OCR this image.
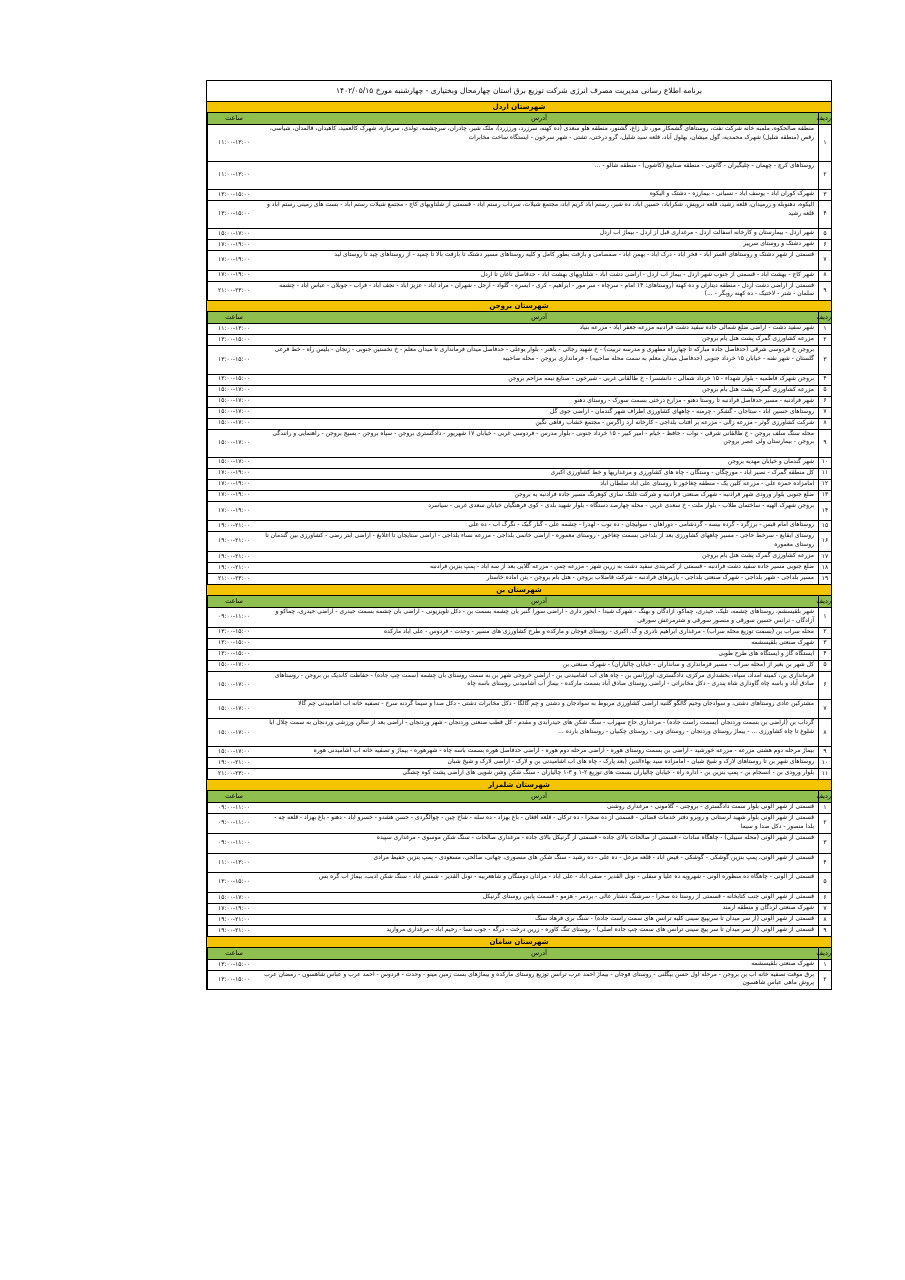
برنامه اطلاع رسانی مدیریت مصرف انرژی شرکت توزیع برق استان چهارمحال وبختیاری - چهارشنبه مورخ ۱۴۰۲/۰۵/۱۵
شهرستان اردل
ردیف
آدرس
ساعت
۱
منطقه صالحکوه، ملمبه خانه شرکت نفت، روستاهای گشمکار مور، تل زاغ، گشنور، منطقه هلو سعدی (ده کهنه، سرزرد، ورززرد)، ملک شیر، چادران، سرچشمه، تولدی، سرمازه، شهرک کالعمید، کاهیدان، قالمدان، شیاسی، رقص (منطقه شلیل) شهرک محمدیه، گول میشان، بهلول آباد، قلعه سید شلیل، گرو درختی، تشتی - شهر سرخون - ایستگاه ساخت مخابرات
۱۱:۰۰-۱۳:۰۰
۲
روستاهای کرچ - چهمان - چلیگیران - گائونی - منطقه صناییع (کاشون) - منطقه شالو - ...
۱۱:۰۰-۱۳:۰۰
۳
شهرک کوران آباد - یوسف آباد - نسیانی - بیمارزه - دشتک و آلیکوه
۱۳:۰۰-۱۵:۰۰
۴
آلیکوه، دهنوبله و زرمیدان، قلعه رشید، قلعه درویش، شکرآباد، حسین آباد، ده شیر، رستم آباد کریم آباد، مجتمع شیلات، سرداب رستم آباد - قسمتی از شلتاویهای کاج - مجتمع شیلات رستم آباد - بست های زمینی رستم آباد و قلعه رشید
۱۳:۰۰-۱۵:۰۰
۵
شهر اردل - بیمارستان و کارخانه آسفالت اردل - مرغداری قبل از اردل - بیماژ آب اردل
۱۵:۰۰-۱۷:۰۰
۶
شهر دشتک و روستای سرپیر
۱۷:۰۰-۱۹:۰۰
۷
قسمتی از شهر دشتک و روستاهای اقسر آباد - فخر آباد - درک آباد - بهمن آباد - صمصامی و بازفت بطور کامل و کلیه روستاهای مسیر دشتک تا بازفت بالا تا چمید - از روستاهای چید تا روستای لبد
۱۷:۰۰-۱۹:۰۰
۸
شهر کاج - بهشت آباد - قسمتی از جنوب شهر اردل - بیماژ آب اردل - اراضی دشت آباد - شلتاویهای بهشت آباد - حدفاصل تاغان تا اردل
۱۷:۰۰-۱۹:۰۰
۹
قسمتی از اراضی دشت اردل - منطقه دیناران و ده کهنه (روستاهای: ۱۴ امام - سرچاه - سر مور - ابراهیم - کری - ابسره - گلواد - ارجل - شهران - مراد آباد - عزیز آباد - نجف آباد - فراب - جوبلان - عباس آباد - چشمه سلمان - شتر - لاختیک - ده کهنه روبگر - ...)
۲۱:۰۰-۲۳:۰۰
شهرستان بروجن
ردیف
آدرس
ساعت
۱
شهر سفید دشت - اراضی ضلع شمالی جاده سفید دشت فرادنبه مزرعه جعفر آباد - مزرعه بنیاد
۱۱:۰۰-۱۳:۰۰
۲
مزرعه کشاورزی گمرک پشت هتل بام بروجن
۱۳:۰۰-۱۵:۰۰
۳
بروجن خ فردوسی شرقی (حدفاصل جاده مبارکه تا چهارراه مطهری و مدرسه تربیت) - خ شهید رجائی - باهنر - بلوار بوعلی - حدفاصل میدان فرمانداری تا میدان معلم - خ نخستین جنوبی - زنجان - بلیس راه - خط فرعی گلستان - شهر نقنه - خیابان ۱۵ خرداد جنوبی (حدفاصل میدان معلم به سمت محله صاحبیه) - فرمانداری بروجن - محله صاحبیه
۱۳:۰۰-۱۵:۰۰
۴
بروجن شهرک فاطمیه - بلوار شهداء - ۱۵ خرداد شمالی - دانشسرا - خ طالقانی غربی - شیرخون - صنایع نیمه مزاحم بروجن
۱۳:۰۰-۱۵:۰۰
۵
مزرعه کشاورزی گمرک پشت هتل بام بروجن
۱۵:۰۰-۱۷:۰۰
۶
شهر فرادنبه - مسیر حدفاصل فرادنبه تا روستا دهنو - مزارع درختی بسمت سورک - روستای دهنو
۱۵:۰۰-۱۷:۰۰
۷
روستاهای حسین آباد - ستاجان - گشکر - چرمنه - چاههای کشاورزی اطراف شهر گندمان - اراضی جوی گل
۱۵:۰۰-۱۷:۰۰
۸
شرکت کشاورزی گوثر - مزرعه زالی - مزرعه بر آفتاب بلداجی - کارخانه آرد زاگرس - مجتمع خشاب رفاهی نگین
۱۵:۰۰-۱۷:۰۰
۹
محله سنگ سلف بروجن - خ طالقانی شرقی - نواب - حافظ - خیام - امیر کبیر - ۱۵ خرداد جنوبی - بلوار مدرس - فردوسی غربی - خیابان ۱۷ شهریور - دادگستری بروجن - سپاه بروجن - بسیج بروجن - راهنمایی و رانندگی بروجن - بیمارستان ولی عصر بروجن
۱۵:۰۰-۱۷:۰۰
۱۰
شهر گندمان و خیابان مهدیه بروجن
۱۵:۰۰-۱۷:۰۰
۱۱
کل منطقه گمرک - نصیر آباد - مورچگان - وستگان - چاه های کشاورزی و مرغداریها و خط کشاورزی اکبری
۱۷:۰۰-۱۹:۰۰
۱۲
امامزاده حمزه علی - مزرعه کلین یک - منطقه چغاخور تا روستای علی آباد سلطان آباد
۱۷:۰۰-۱۹:۰۰
۱۳
ضلع جنوبی بلوار ورودی شهر فرادنبه - شهرک صنعتی فرادنبه و شرکت غلتک سازی کوهرنگ مسیر جاده فرادنبه به بروجن
۱۷:۰۰-۱۹:۰۰
۱۴
بروجن شهرک الهیه - ساختمان طلاب - بلوار ملت - خ سعدی غربی - محله چهارصد دستگاه - بلوار شهید بلدی - کوی فرهنگیان خیابان سعدی غربی - سیاسرد
۱۷:۰۰-۱۹:۰۰
۱۵
روستاهای امام قیس - برزگرد - گرده بیسه - گردشامی - دوراهان - سولیجان - ده نوب - لهدرآ - چشمه علی - گنار گبک - نگرگ آب - ده علی
۱۹:۰۰-۲۱:۰۰
۱۶
روستای آبقایع - سرخط حاجی - مسیر چاههای کشاورزی بعد از بلداجی بسمت چغاخور - روستای معموره - اراضی خانمی بلداجی - مزرعه نساء بلداجی - اراضی ستایجان تا آغلابغ - اراضی آبتر رضی - کشاورزی بین گندمان تا روستای معموره
۱۹:۰۰-۲۱:۰۰
۱۷
مزرعه کشاورزی گمرک پشت هتل بام بروجن
۱۹:۰۰-۲۱:۰۰
۱۸
ضلع جنوبی مسیر جاده سفید دشت فرادنبه - قسمتی از کمربندی سفید دشت به زرین شهر - مزرعه چمن - مزرعه گلابی بعد از سه آباد - پمپ بنزین فرادنبه
۱۹:۰۰-۲۱:۰۰
۱۹
مسیر بلداجی - شهر بلداجی - شهرک صنعتی بلداجی - بازیرهای فرادنبه - شرکت قاضلاب بروجن - هتل بام بروجن - بتن آماده خاستار
۲۱:۰۰-۲۳:۰۰
شهرستان بن
ردیف
آدرس
ساعت
۱
شهر بلقیسشم، روستاهای چشمه، تلیک، حیدری، چماکو، آزادگان و بهنگ - شهرک شیدا - آبخور داری - اراضی سورا گنبر بان چشمه بسمت بن - دکل تلویزیونی - اراضی بان چشمه بسمت حیدری - اراضی حیدری، چماکو و آزادگان - ترانس حسین سورقی و منصور سورقی و شترمرغش سورقی
۰۹:۰۰-۱۱:۰۰
۲
محله سراب بن (بسمت توزیع محله سراب) - مرغداری ابراهیم نادری و گ. اکبری - روستای فوجان و مارکده و طرح کشاورزی های مسیر - وحدت - فردوس - علی آباد مارکده
۱۳:۰۰-۱۵:۰۰
۳
شهرک صنعتی بلقیسشمه
۱۳:۰۰-۱۵:۰۰
۴
ایستگاه گاز و ایستگاه های طرح طوبی
۱۳:۰۰-۱۵:۰۰
۵
کل شهر بن بغیر از (محله سراب - مسیر فرمانداری و سانداران - خیابان چالیاران) - شهرک صنعتی بن
۱۵:۰۰-۱۷:۰۰
۶
فرمانداری بن، کمیته امداد، سپاه، بخشداری مرکزی، دادگستری، اورژانس بن - چاه های آب آشامیدنی بن - اراضی خروجی شهر بن به سمت روستای بان چشمه (سمت چپ جاده) - حفاظت کاندیک بن بروجن - روستاهای صادق آباد و باسه چاه گاوداری شاه بندری - دکل مخابراتی - اراضی روستای صادق آباد بسمت مارکده - بیماژ آب آشامیدنی روستای باسه چاه
۱۵:۰۰-۱۷:۰۰
۷
مشترکین عادی روستاهای دشتی، و سوادجان وجیم گالگو گلنیه اراضی کشاورزی مربوط به سوادجان و دشتی و چم گالگا - دکل مخابرات دشتی - دکل صدا و سیما گردنه سرخ - تصفیه خانه آب آشامیدنی چم گالا
۱۵:۰۰-۱۷:۰۰
۸
گرداب بن (اراضی بن بسمت وردنجان (بسمت راست جاده) - مرغداری حاج سهراب - سنگ شکن های حیدرآبدی و مقدم - کل قطب صنعتی وردنجان - شهر وردنجان - اراضی بعد از سالن ورزشی وردنجان به سمت چلال آبا شلوغ تا چاه کشاورزی ... - بیماژ روستای وردنجان - روستای ونی - روستای چکبیان - روستاهای بارده ...
۱۵:۰۰-۱۷:۰۰
۹
بیماژ مرحله دوم هشتی مزرعه - مزرعه خورشید - اراضی بن بسمت روستای هوره - اراضی مرحله دوم هوره - اراضی حدفاصل هوره بسمت باسه چاه - شهرهوره - بیماژ و تصفیه خانه آب آشامیدنی هوره
۱۵:۰۰-۱۷:۰۰
۱۰
روستاهای شهر بن تا روستاهای لارک و شیخ شبان - امامزاده سید بهاءالدین (بعد پارک - چاه های آب آشامیدنی بن و لارک - اراضی لارک و شیخ شبان
۱۹:۰۰-۲۱:۰۰
۱۱
بلوار ورودی بن - انسجام بن - پمپ بنزین بن - اداره راه - خیابان چالیاران بسمت های توزیع ۲-۱ و ۳-۱ چالیاران - سنگ شکن وشن شویی های اراضی پشت کوه چشگی
۲۱:۰۰-۲۳:۰۰
شهرستان شلمزار
ردیف
آدرس
ساعت
۱
قسمتی از شهر آلونی بلوار سمت دادگستری - بروجنی - گلامونی - مرغداری روشنی
۰۹:۰۰-۱۱:۰۰
۲
قسمتی از شهر آلونی بلوار شهید لرستانی و روبرو دفتر خدمات قضائی - قسمتی از ده صحرا - ده ترکان - قلعه افغان - باغ بهزاد - ده سله - شاخ چین - چوالگردی - حسن هشدو - خسرو آباد - دهنو - باغ بهزاد - قلعه چه - بلدا منصور - دکل صدا و سیما
۰۹:۰۰-۱۱:۰۰
۳
قسمتی از شهر آلونی (محله سبیلی) - چاهگاه سادات - قسمتی از صالحات بالای جاده - قسمتی از گرنیکل بالای جاده - مرغداری صالحات - سنگ شکن موسوی - مرغداری سپیده
۰۹:۰۰-۱۱:۰۰
۴
قسمتی از شهر آلونی، پمپ بنزین گوشکی - گوشکی - فیض آباد - قلعه مزعل - ده علی - ده رشید - سنگ شکن های منصوری، جهانی، صالحی، مسعودی - پمپ بنزین حفیظ مرادی
۱۱:۰۰-۱۳:۰۰
۵
قسمتی از آلونی - چاهگاه ده منظوره آلونی - شهرویه ده علیا و سفلی - نونل القدیر - صفی آباد - علی آباد - مرادان دومنگان و شاهعربیه - نونل القدیر - شمس آباد - سنگ شکن ادیب، بیماژ آب گره بس
۱۳:۰۰-۱۵:۰۰
۶
قسمتی از شهر آلونی جنب کتابخانه - قسمتی از روستا ده صحرا - سرشنگ دشتار عالی - بردمر - هزمو - قسمت پایین روستای گرنیکل
۱۵:۰۰-۱۷:۰۰
۷
شهرک صنعتی لردگان و منطقه ارمند
۱۷:۰۰-۱۹:۰۰
۸
قسمتی از شهر آلونی (از سر میدان تا سریپیچ سینی کلیه ترانس های سمت راست جاده) - سنگ بری فرهاد سنگ
۱۹:۰۰-۲۱:۰۰
۹
قسمتی از شهر آلونی (از سر میدان تا سر پیچ سینی ترانس های سمت چپ جاده اصلی) - روستای تنگ کاوره - زرین درخت - درگه - جوب نسا - رحیم آباد - مرغداری مروارید
۱۹:۰۰-۲۱:۰۰
شهرستان سامان
ردیف
آدرس
ساعت
۱
شهرک صنعتی بلقیسشمه
۱۳:۰۰-۱۵:۰۰
۲
برق موقت تصفیه خانه آب بن بروجن - مرحله اول حسن بیگلنی - روستای فوجان - بیماژ احمد عرب ترانس توزیع روستای مارکده و بیماژهای بست زمین مینو - وحدت - فردوس - احمد عرب و عباس شاهسون - رمضان عرب پروش ماهی عباس شاهسون
۱۳:۰۰-۱۵:۰۰
